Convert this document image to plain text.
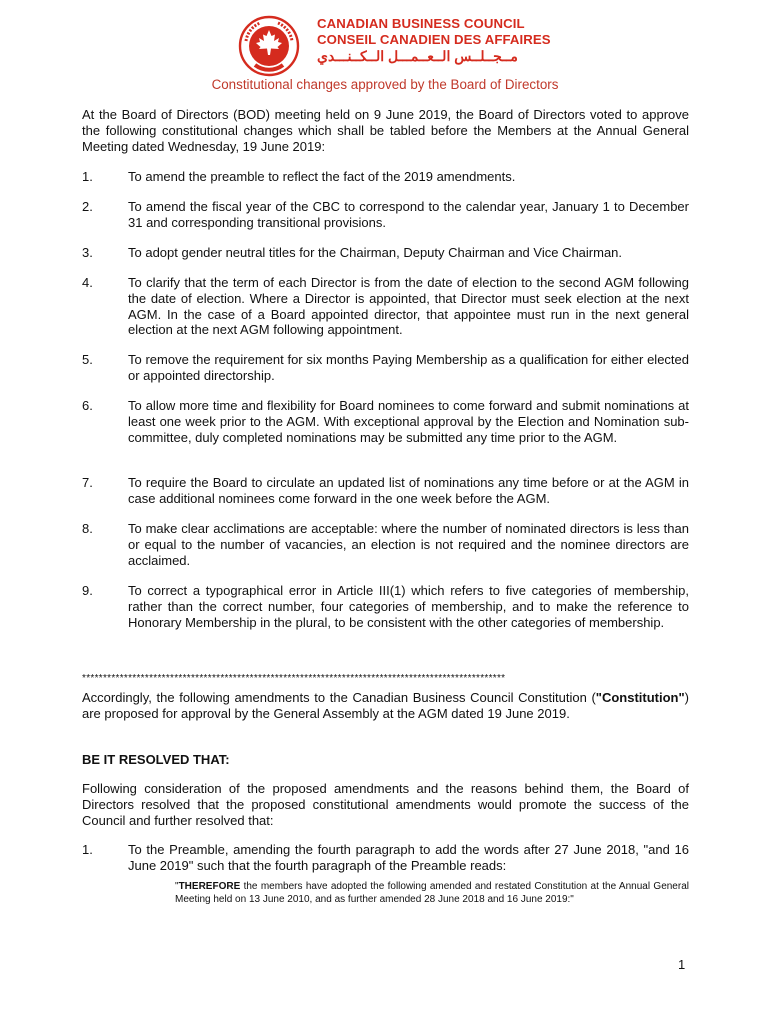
CANADIAN BUSINESS COUNCIL
CONSEIL CANADIEN DES AFFAIRES
مــجــلــس الــعــمـــل الــكــنـــدي
Constitutional changes approved by the Board of Directors
At the Board of Directors (BOD) meeting held on 9 June 2019, the Board of Directors voted to approve the following constitutional changes which shall be tabled before the Members at the Annual General Meeting dated Wednesday, 19 June 2019:
1.	To amend the preamble to reflect the fact of the 2019 amendments.
2.	To amend the fiscal year of the CBC to correspond to the calendar year, January 1 to December 31 and corresponding transitional provisions.
3.	To adopt gender neutral titles for the Chairman, Deputy Chairman and Vice Chairman.
4.	To clarify that the term of each Director is from the date of election to the second AGM following the date of election. Where a Director is appointed, that Director must seek election at the next AGM. In the case of a Board appointed director, that appointee must run in the next general election at the next AGM following appointment.
5.	To remove the requirement for six months Paying Membership as a qualification for either elected or appointed directorship.
6.	To allow more time and flexibility for Board nominees to come forward and submit nominations at least one week prior to the AGM. With exceptional approval by the Election and Nomination sub-committee, duly completed nominations may be submitted any time prior to the AGM.
7.	To require the Board to circulate an updated list of nominations any time before or at the AGM in case additional nominees come forward in the one week before the AGM.
8.	To make clear acclimations are acceptable: where the number of nominated directors is less than or equal to the number of vacancies, an election is not required and the nominee directors are acclaimed.
9.	To correct a typographical error in Article III(1) which refers to five categories of membership, rather than the correct number, four categories of membership, and to make the reference to Honorary Membership in the plural, to be consistent with the other categories of membership.
*****************************************************************************************************
Accordingly, the following amendments to the Canadian Business Council Constitution ("Constitution") are proposed for approval by the General Assembly at the AGM dated 19 June 2019.
BE IT RESOLVED THAT:
Following consideration of the proposed amendments and the reasons behind them, the Board of Directors resolved that the proposed constitutional amendments would promote the success of the Council and further resolved that:
1.	To the Preamble, amending the fourth paragraph to add the words after 27 June 2018, "and 16 June 2019" such that the fourth paragraph of the Preamble reads:
"THEREFORE the members have adopted the following amended and restated Constitution at the Annual General Meeting held on 13 June 2010, and as further amended 28 June 2018 and 16 June 2019:"
1
